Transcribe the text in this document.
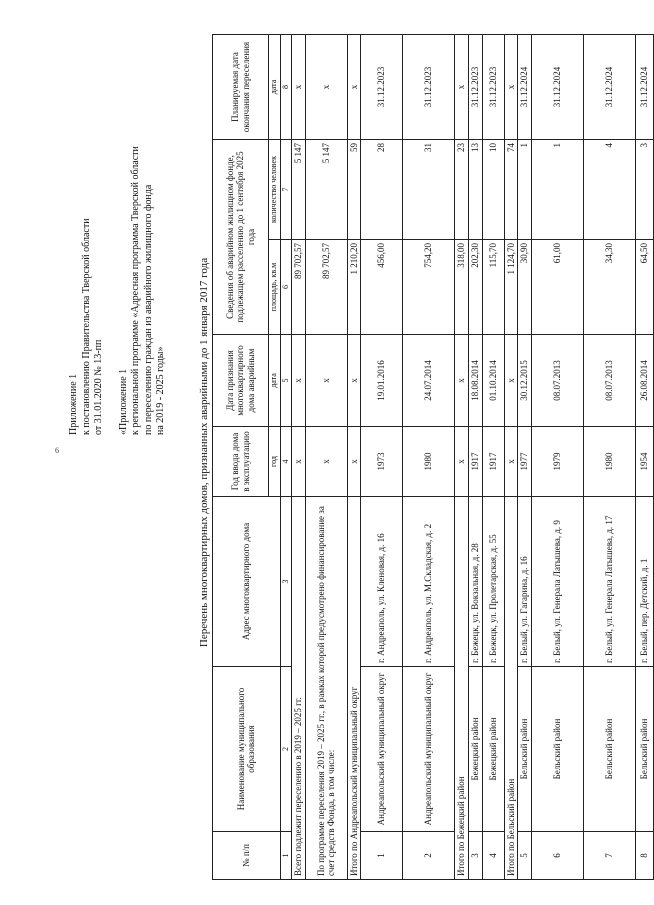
6
Приложение 1 к постановлению Правительства Тверской области от 31.01.2020 № 13-пп «Приложение 1 к региональной программе «Адресная программа Тверской области по переселению граждан из аварийного жилищного фонда на 2019 - 2025 годы»	Перечень многоквартирных домов, признанных аварийными до 1 января 2017 года
№ п/п	Наименование муниципального образования	Адрес многоквартирного дома	Год ввода дома в эксплуатацию	Дата признания многоквартирного дома аварийным	Сведения об аварийном жилищном фонде, подлежащем расселению до 1 сентября 2025 года		Планируемая дата окончания переселения
			год	дата	площадь, кв.м	количество человек	дата
1	2	3	4	5	6	7	8
Всего подлежит переселению в 2019 – 2025 гг.			x	x	89 702,57	5 147	x
По программе переселения 2019 – 2025 гг., в рамках которой предусмотрено финансирование за счет средств Фонда, в том числе:			x	x	89 702,57	5 147	x
Итого по Андреапольский муниципальный округ			x	x	1 210,20	59	x
1	Андреапольский муниципальный округ	г. Андреаполь, ул. Кленовая, д. 16	1973	19.01.2016	456,00	28	31.12.2023
2	Андреапольский муниципальный округ	г. Андреаполь, ул. М.Складская, д. 2	1980	24.07.2014	754,20	31	31.12.2023
Итого по Бежецкий район			x	x	318,00	23	x
3	Бежецкий район	г. Бежецк, ул. Вокзальная, д. 28	1917	18.08.2014	202,30	13	31.12.2023
4	Бежецкий район	г. Бежецк, ул. Пролетарская, д. 55	1917	01.10.2014	115,70	10	31.12.2023
Итого по Бельский район			x	x	1 124,70	74	x
5	Бельский район	г. Белый, ул. Гагарина, д. 16	1977	30.12.2015	30,90	1	31.12.2024
6	Бельский район	г. Белый, ул. Генерала Латышева, д. 9	1979	08.07.2013	61,00	1	31.12.2024
7	Бельский район	г. Белый, ул. Генерала Латышева, д. 17	1980	08.07.2013	34,30	4	31.12.2024
8	Бельский район	г. Белый, пер. Детский, д. 1	1954	26.08.2014	64,50	3	31.12.2024
